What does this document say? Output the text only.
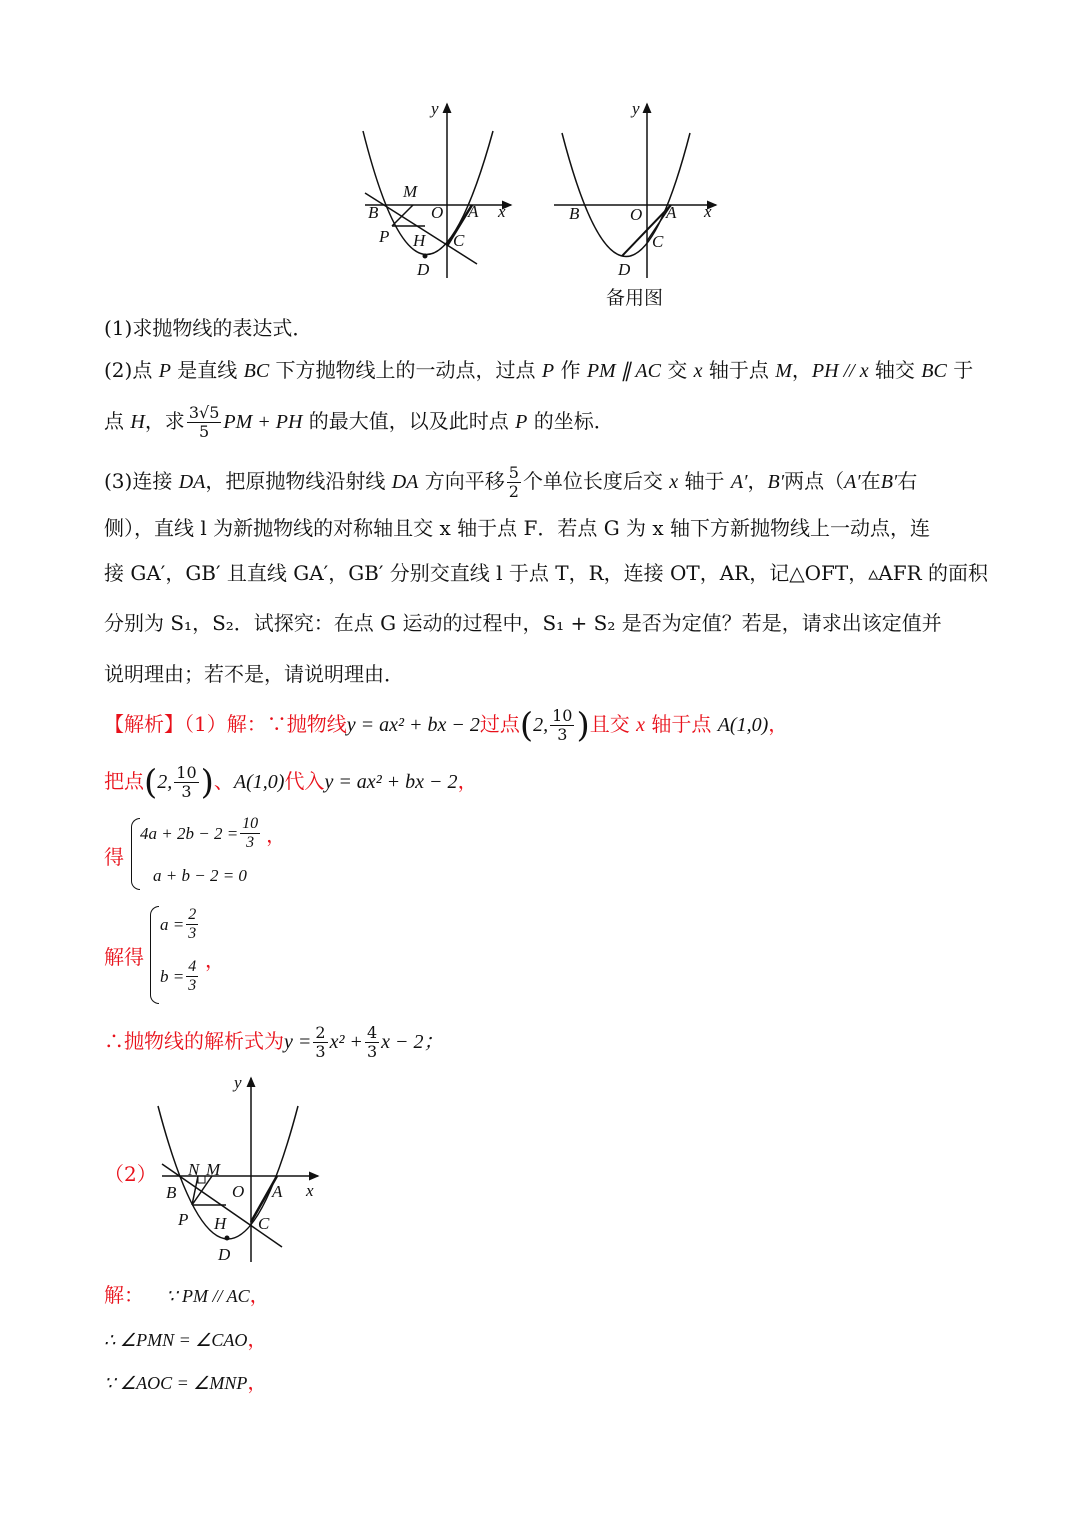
y
x
M
B	O A
P H C
D
y
x
B	O A
C
D
备用图
(1)求抛物线的表达式．
(2)点 P 是直线 BC 下方抛物线上的一动点，过点 P 作 PM ∥ AC 交 x 轴于点 M，PH // x 轴交 BC 于
点 H，求 $\frac{3√5}{5}$ PM + PH 的最大值，以及此时点 P 的坐标．
(3)连接 DA，把原抛物线沿射线 DA 方向平移 $\frac{5}{2}$ 个单位长度后交 x 轴于 A′，B′两点（A′在B′右
侧），直线 l 为新抛物线的对称轴且交 x 轴于点 F．若点 G 为 x 轴下方新抛物线上一动点，连
接 GA′，GB′ 且直线 GA′，GB′ 分别交直线 l 于点 T，R，连接 OT，AR，记△OFT，▵AFR 的面积
分别为 S₁，S₂．试探究：在点 G 运动的过程中，S₁ + S₂ 是否为定值？若是，请求出该定值并
说明理由；若不是，请说明理由．
【解析】（1）解：∵抛物线y = ax² + bx − 2过点(2, $\frac{10}{3}$ )且交 x 轴于点 A(1,0)，
把点(2, $\frac{10}{3}$ )、A(1,0)代入y = ax² + bx − 2，
得
$4a + 2b - 2 = \frac{10}{3}$ ，
a + b − 2 = 0
解得
$a = \frac{2}{3}$
$b = \frac{4}{3}$ ，
∴抛物线的解析式为$y = \frac{2}{3} x^2 + \frac{4}{3}$ x − 2；
（2）
y
x
N M
B	O A
P H C
D
解： ∵ PM // AC，
∴ ∠PMN = ∠CAO，
∵ ∠AOC = ∠MNP，
